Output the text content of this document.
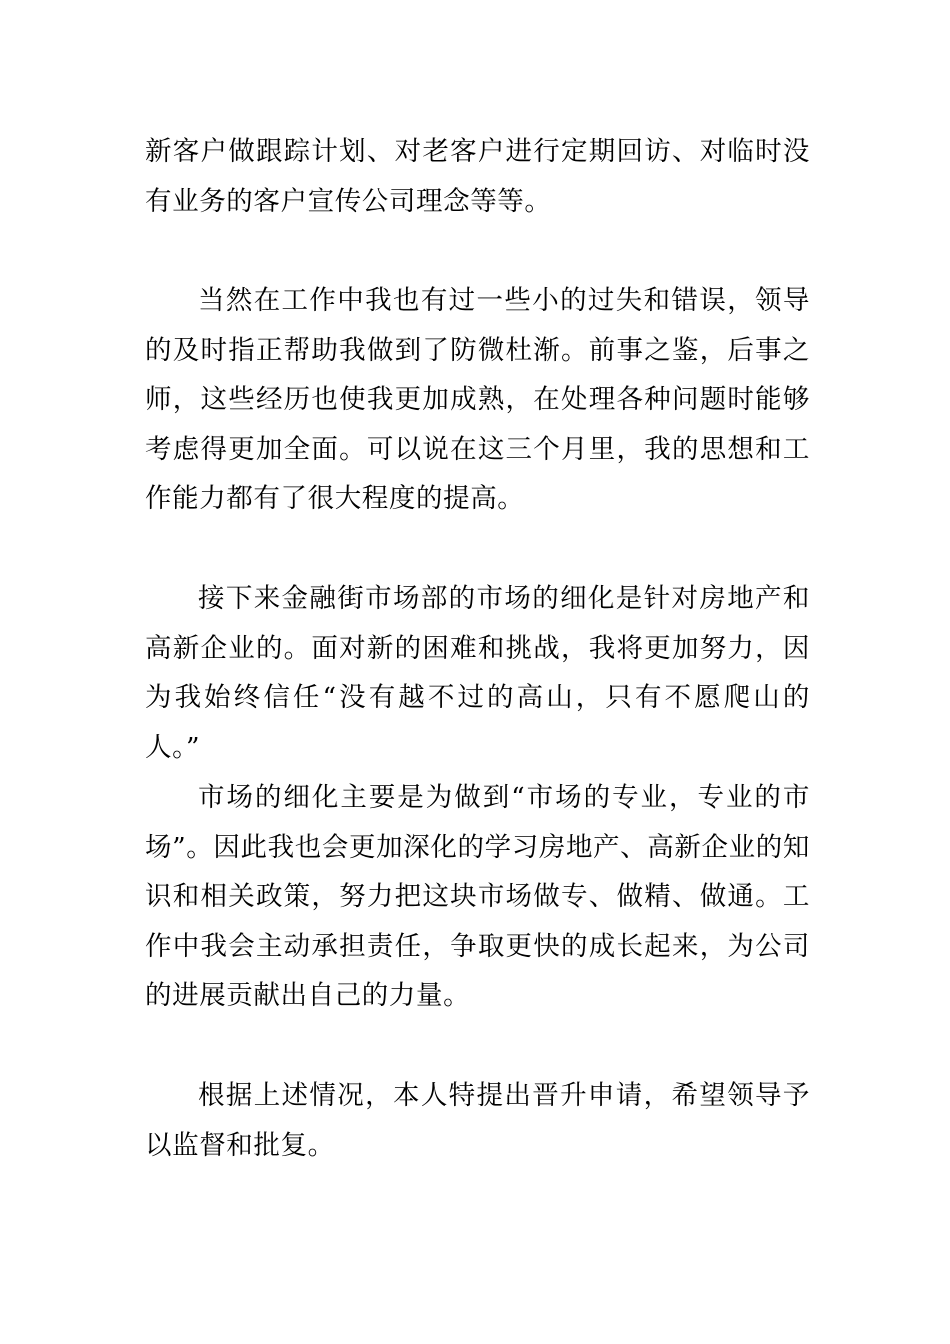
新客户做跟踪计划、对老客户进行定期回访、对临时没有业务的客户宣传公司理念等等。

当然在工作中我也有过一些小的过失和错误，领导的及时指正帮助我做到了防微杜渐。前事之鉴，后事之师，这些经历也使我更加成熟，在处理各种问题时能够考虑得更加全面。可以说在这三个月里，我的思想和工作能力都有了很大程度的提高。

接下来金融街市场部的市场的细化是针对房地产和高新企业的。面对新的困难和挑战，我将更加努力，因为我始终信任“没有越不过的高山，只有不愿爬山的人。”

市场的细化主要是为做到“市场的专业，专业的市场”。因此我也会更加深化的学习房地产、高新企业的知识和相关政策，努力把这块市场做专、做精、做通。工作中我会主动承担责任，争取更快的成长起来，为公司的进展贡献出自己的力量。

根据上述情况，本人特提出晋升申请，希望领导予以监督和批复。
